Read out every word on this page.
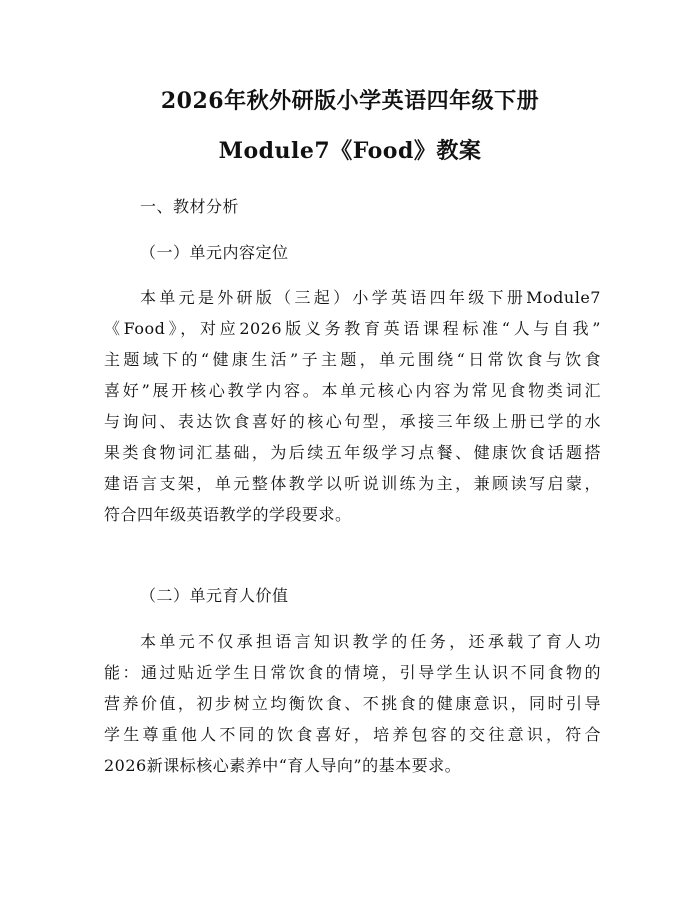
2026年秋外研版小学英语四年级下册
Module7《Food》教案
一、教材分析
（一）单元内容定位
本单元是外研版（三起）小学英语四年级下册Module7
《Food》，对应2026版义务教育英语课程标准“人与自我”
主题域下的“健康生活”子主题，单元围绕“日常饮食与饮食
喜好”展开核心教学内容。本单元核心内容为常见食物类词汇
与询问、表达饮食喜好的核心句型，承接三年级上册已学的水
果类食物词汇基础，为后续五年级学习点餐、健康饮食话题搭
建语言支架，单元整体教学以听说训练为主，兼顾读写启蒙，
符合四年级英语教学的学段要求。
（二）单元育人价值
本单元不仅承担语言知识教学的任务，还承载了育人功
能：通过贴近学生日常饮食的情境，引导学生认识不同食物的
营养价值，初步树立均衡饮食、不挑食的健康意识，同时引导
学生尊重他人不同的饮食喜好，培养包容的交往意识，符合
2026新课标核心素养中“育人导向”的基本要求。
